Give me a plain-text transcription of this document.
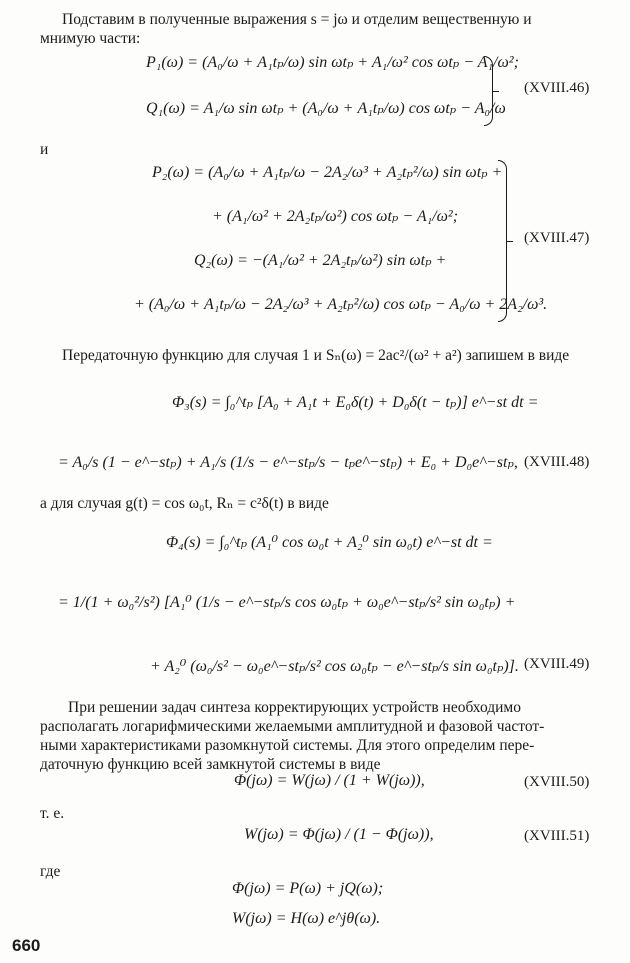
Подставим в полученные выражения s = jω и отделим вещественную и
мнимую части:
P₁(ω) = (A₀/ω + A₁tₚ/ω) sin ωtₚ + A₁/ω² cos ωtₚ − A₁/ω²;
Q₁(ω) = A₁/ω sin ωtₚ + (A₀/ω + A₁tₚ/ω) cos ωtₚ − A₀/ω
(XVIII.46)
и
P₂(ω) = (A₀/ω + A₁tₚ/ω − 2A₂/ω³ + A₂tₚ²/ω) sin ωtₚ +
+ (A₁/ω² + 2A₂tₚ/ω²) cos ωtₚ − A₁/ω²;
Q₂(ω) = −(A₁/ω² + 2A₂tₚ/ω²) sin ωtₚ +
+ (A₀/ω + A₁tₚ/ω − 2A₂/ω³ + A₂tₚ²/ω) cos ωtₚ − A₀/ω + 2A₂/ω³.
(XVIII.47)
Передаточную функцию для случая 1 и Sₙ(ω) = 2ac²/(ω² + a²) запишем в виде
Φ₃(s) = ∫₀^tₚ [A₀ + A₁t + E₀δ(t) + D₀δ(t − tₚ)] e^−st dt =
= A₀/s (1 − e^−stₚ) + A₁/s (1/s − e^−stₚ/s − tₚe^−stₚ) + E₀ + D₀e^−stₚ, (XVIII.48)
а для случая g(t) = cos ω₀t, Rₙ = c²δ(t) в виде
Φ₄(s) = ∫₀^tₚ (A₁⁰ cos ω₀t + A₂⁰ sin ω₀t) e^−st dt =
= 1/(1 + ω₀²/s²) [A₁⁰ (1/s − e^−stₚ/s cos ω₀tₚ + ω₀e^−stₚ/s² sin ω₀tₚ) +
+ A₂⁰ (ω₀/s² − ω₀e^−stₚ/s² cos ω₀tₚ − e^−stₚ/s sin ω₀tₚ)]. (XVIII.49)
При решении задач синтеза корректирующих устройств необходимо
располагать логарифмическими желаемыми амплитудной и фазовой частот-
ными характеристиками разомкнутой системы. Для этого определим пере-
даточную функцию всей замкнутой системы в виде
Φ(jω) = W(jω) / (1 + W(jω)),	(XVIII.50)
т. е.
W(jω) = Φ(jω) / (1 − Φ(jω)),	(XVIII.51)
где
Φ(jω) = P(ω) + jQ(ω);
W(jω) = H(ω) e^jθ(ω).
660
